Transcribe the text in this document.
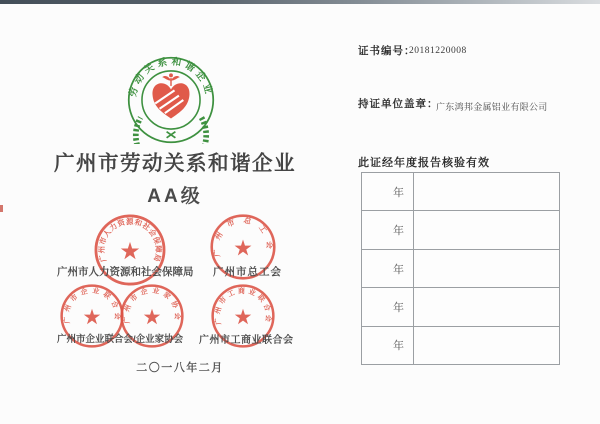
劳动关系和谐企业
广州市劳动关系和谐企业
AA级
广州市人力资源和社会保障局
广州市总工会
广州市企业联合会 广州市企业家协会	广州市工商业联合会
广州市人力资源和社会保障局 广州市总工会
广州市企业联合会/企业家协会 广州市工商业联合会
二〇一八年二月
证书编号：
20181220008
持证单位盖章：
广东鸿邦金属铝业有限公司
此证经年度报告核验有效
年
年
年
年
年
